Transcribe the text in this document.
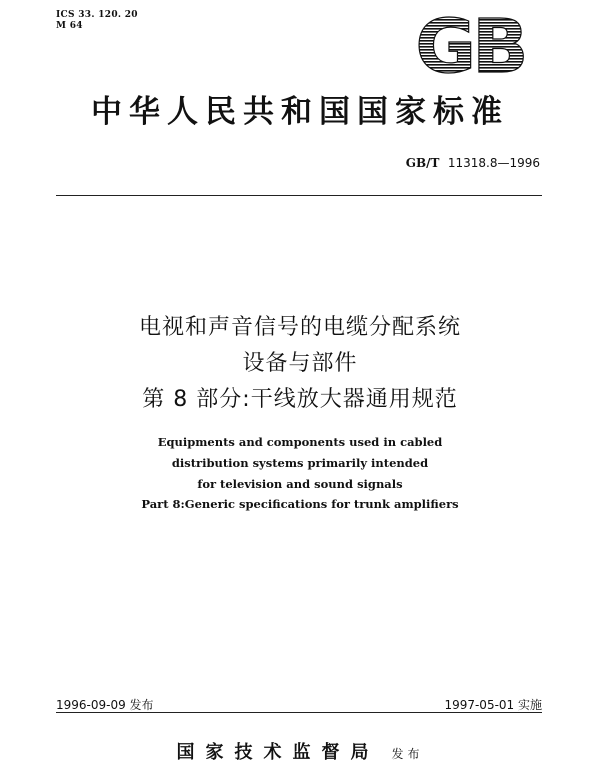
ICS 33. 120. 20
M 64	GB
中华人民共和国国家标准
GB/T 11318.8—1996
电视和声音信号的电缆分配系统
设备与部件
第 8 部分:干线放大器通用规范
Equipments and components used in cabled
distribution systems primarily intended
for television and sound signals
Part 8:Generic specifications for trunk amplifiers
1996-09-09 发布	1997-05-01 实施
国家技术监督局 发布
